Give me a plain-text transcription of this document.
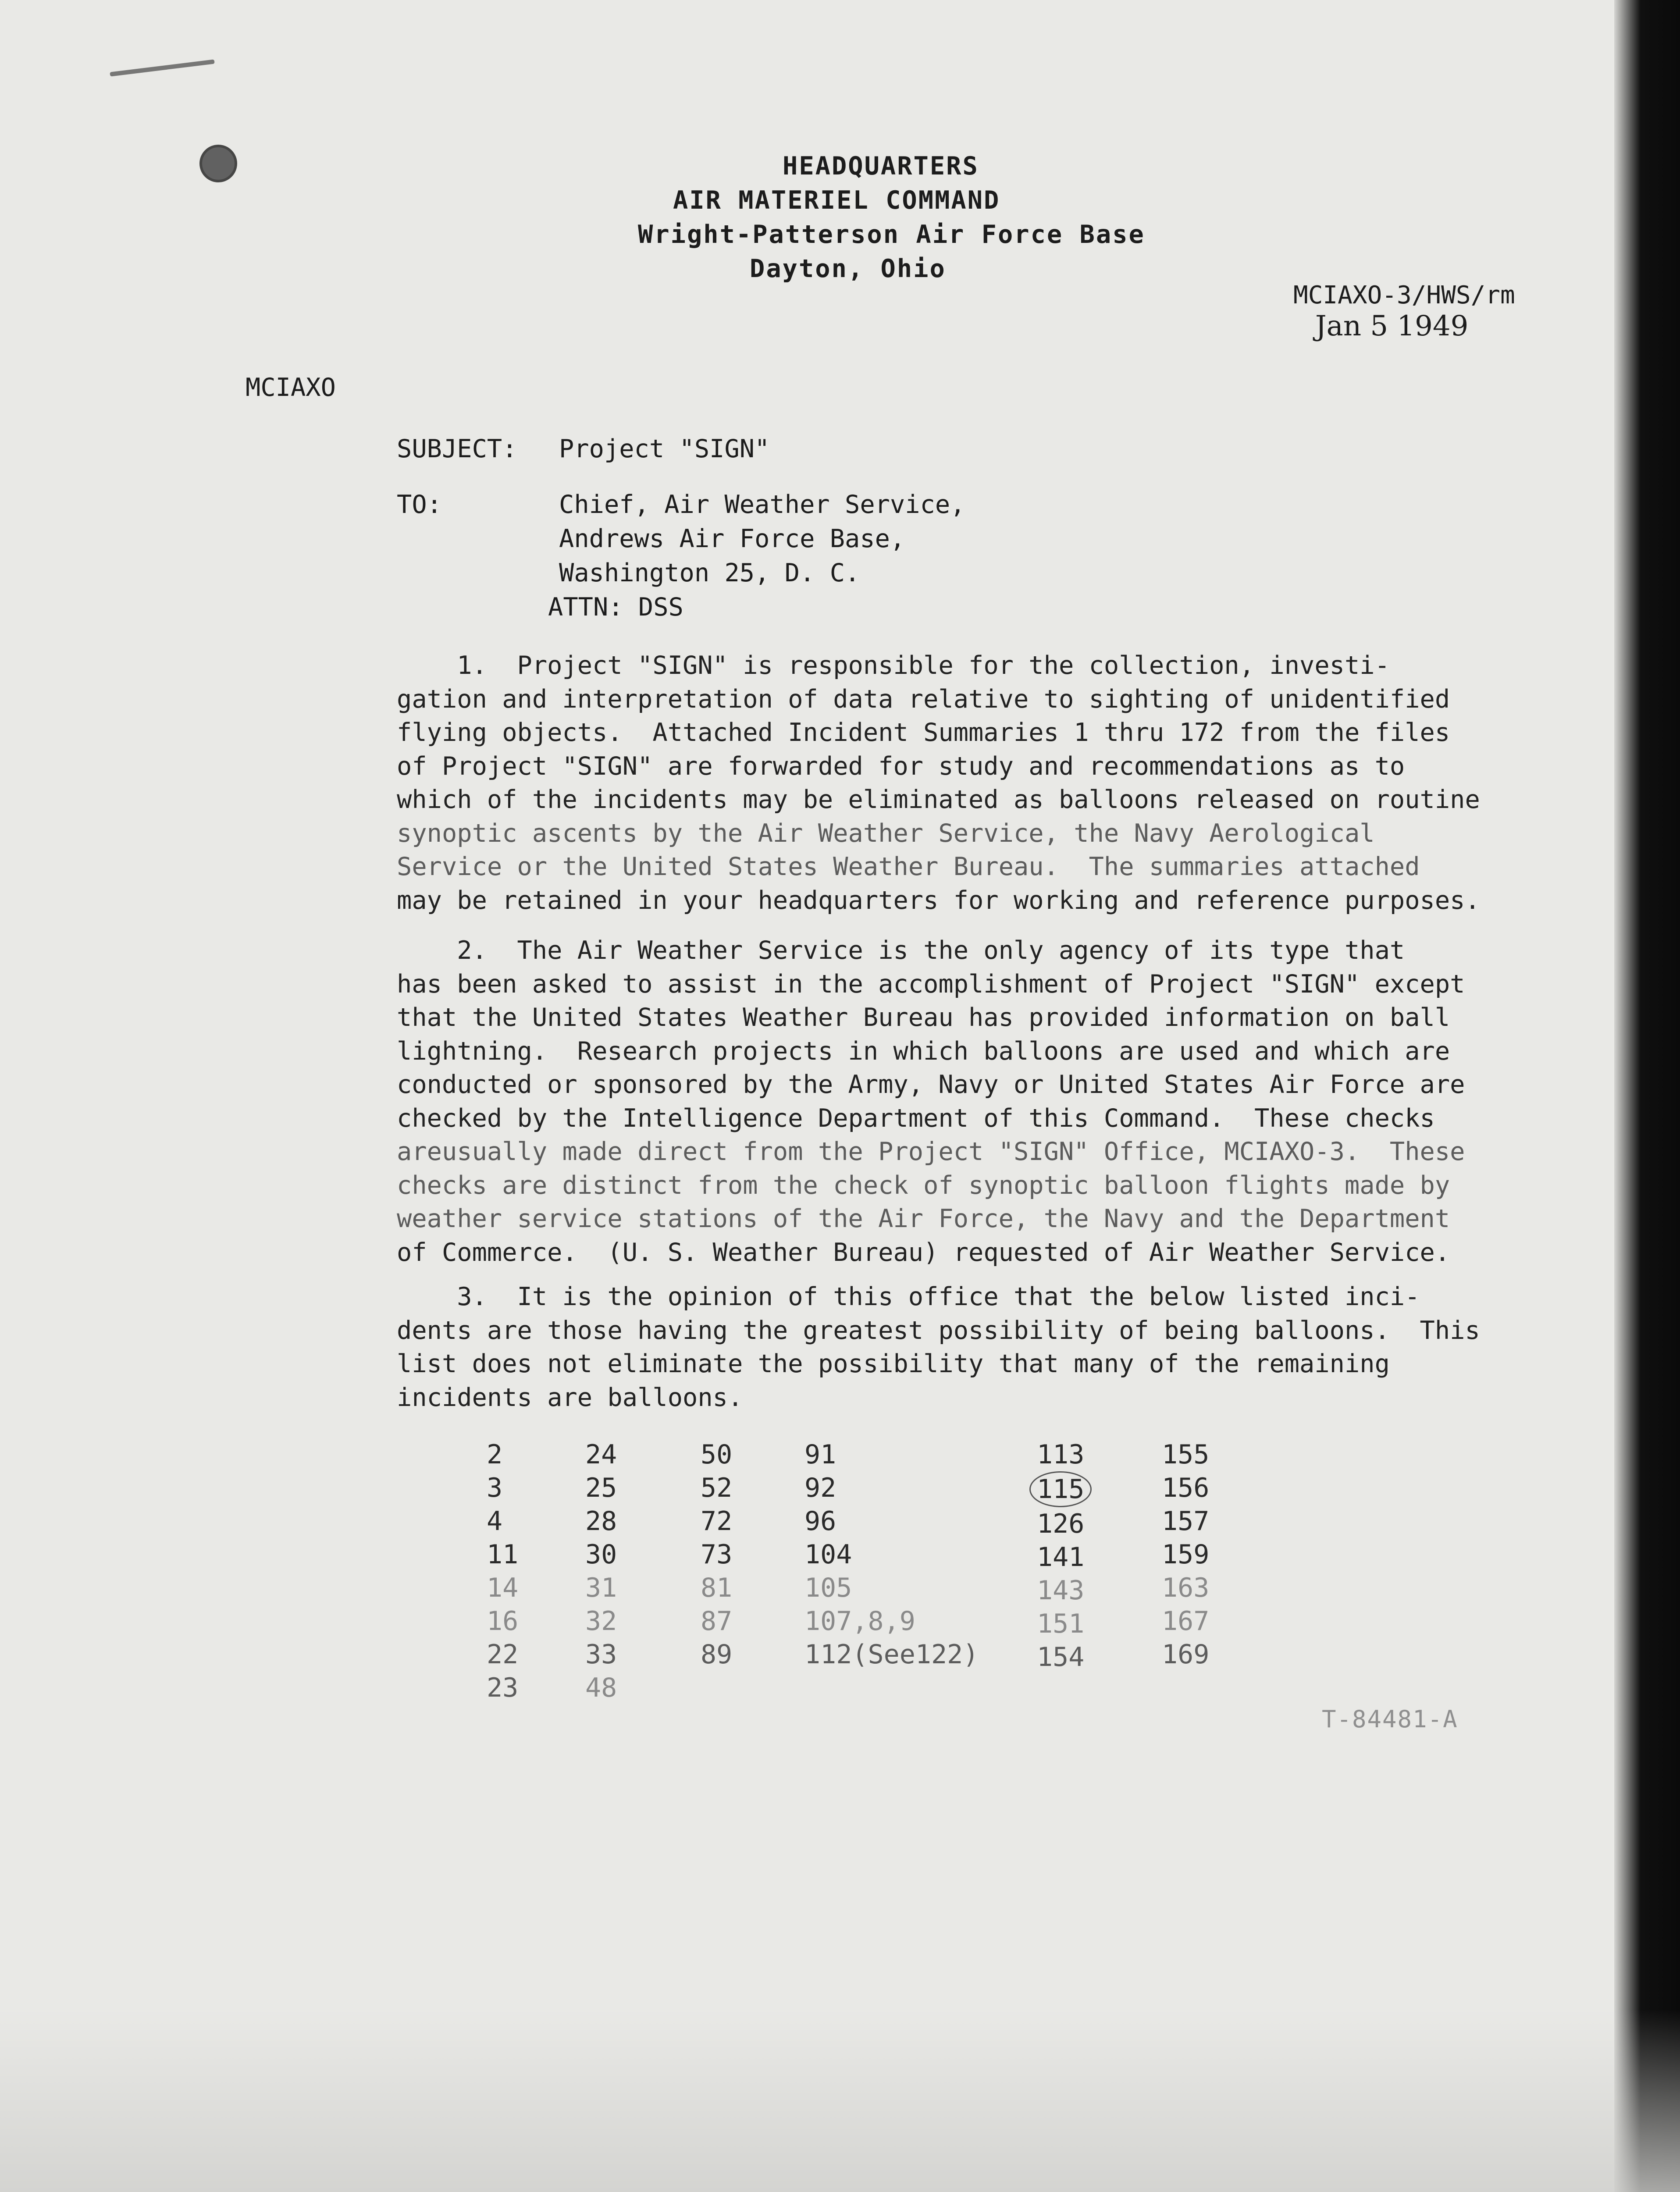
HEADQUARTERS
AIR MATERIEL COMMAND
Wright-Patterson Air Force Base
Dayton, Ohio
MCIAXO-3/HWS/rm
Jan 5 1949
MCIAXO
SUBJECT: Project "SIGN"
TO:	Chief, Air Weather Service,
Andrews Air Force Base,
Washington 25, D. C.
ATTN: DSS
1.  Project "SIGN" is responsible for the collection, investi-
gation and interpretation of data relative to sighting of unidentified
flying objects.  Attached Incident Summaries 1 thru 172 from the files
of Project "SIGN" are forwarded for study and recommendations as to
which of the incidents may be eliminated as balloons released on routine
synoptic ascents by the Air Weather Service, the Navy Aerological
Service or the United States Weather Bureau.  The summaries attached
may be retained in your headquarters for working and reference purposes.
2.  The Air Weather Service is the only agency of its type that
has been asked to assist in the accomplishment of Project "SIGN" except
that the United States Weather Bureau has provided information on ball
lightning.  Research projects in which balloons are used and which are
conducted or sponsored by the Army, Navy or United States Air Force are
checked by the Intelligence Department of this Command.  These checks
areusually made direct from the Project "SIGN" Office, MCIAXO-3.  These
checks are distinct from the check of synoptic balloon flights made by
weather service stations of the Air Force, the Navy and the Department
of Commerce.  (U. S. Weather Bureau) requested of Air Weather Service.
3.  It is the opinion of this office that the below listed inci-
dents are those having the greatest possibility of being balloons.  This
list does not eliminate the possibility that many of the remaining
incidents are balloons.
2
3
4
11
14
16
22
23
24
25
28
30
31
32
33
48
50
52
72
73
81
87
89
91
92
96
104
105
107,8,9
112(See122)
113
115
126
141
143
151
154
155
156
157
159
163
167
169
T-84481-A
